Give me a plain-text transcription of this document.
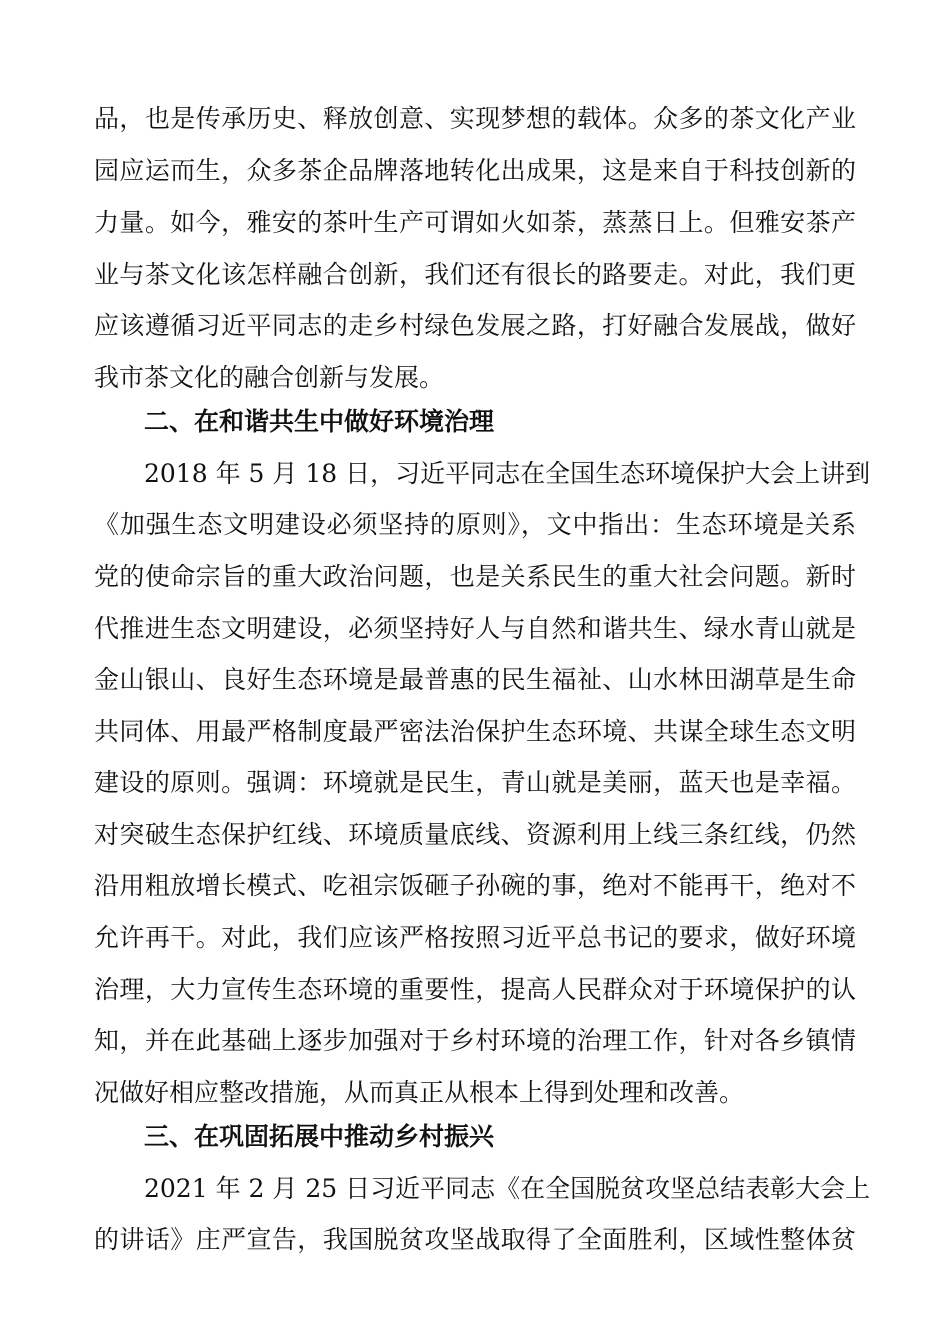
品，也是传承历史、释放创意、实现梦想的载体。众多的茶文化产业
园应运而生，众多茶企品牌落地转化出成果，这是来自于科技创新的
力量。如今，雅安的茶叶生产可谓如火如荼，蒸蒸日上。但雅安茶产
业与茶文化该怎样融合创新，我们还有很长的路要走。对此，我们更
应该遵循习近平同志的走乡村绿色发展之路，打好融合发展战，做好
我市茶文化的融合创新与发展。
二、在和谐共生中做好环境治理
2018 年 5 月 18 日，习近平同志在全国生态环境保护大会上讲到
《加强生态文明建设必须坚持的原则》，文中指出：生态环境是关系
党的使命宗旨的重大政治问题，也是关系民生的重大社会问题。新时
代推进生态文明建设，必须坚持好人与自然和谐共生、绿水青山就是
金山银山、良好生态环境是最普惠的民生福祉、山水林田湖草是生命
共同体、用最严格制度最严密法治保护生态环境、共谋全球生态文明
建设的原则。强调：环境就是民生，青山就是美丽，蓝天也是幸福。
对突破生态保护红线、环境质量底线、资源利用上线三条红线，仍然
沿用粗放增长模式、吃祖宗饭砸子孙碗的事，绝对不能再干，绝对不
允许再干。对此，我们应该严格按照习近平总书记的要求，做好环境
治理，大力宣传生态环境的重要性，提高人民群众对于环境保护的认
知，并在此基础上逐步加强对于乡村环境的治理工作，针对各乡镇情
况做好相应整改措施，从而真正从根本上得到处理和改善。
三、在巩固拓展中推动乡村振兴
2021 年 2 月 25 日习近平同志《在全国脱贫攻坚总结表彰大会上
的讲话》庄严宣告，我国脱贫攻坚战取得了全面胜利，区域性整体贫
